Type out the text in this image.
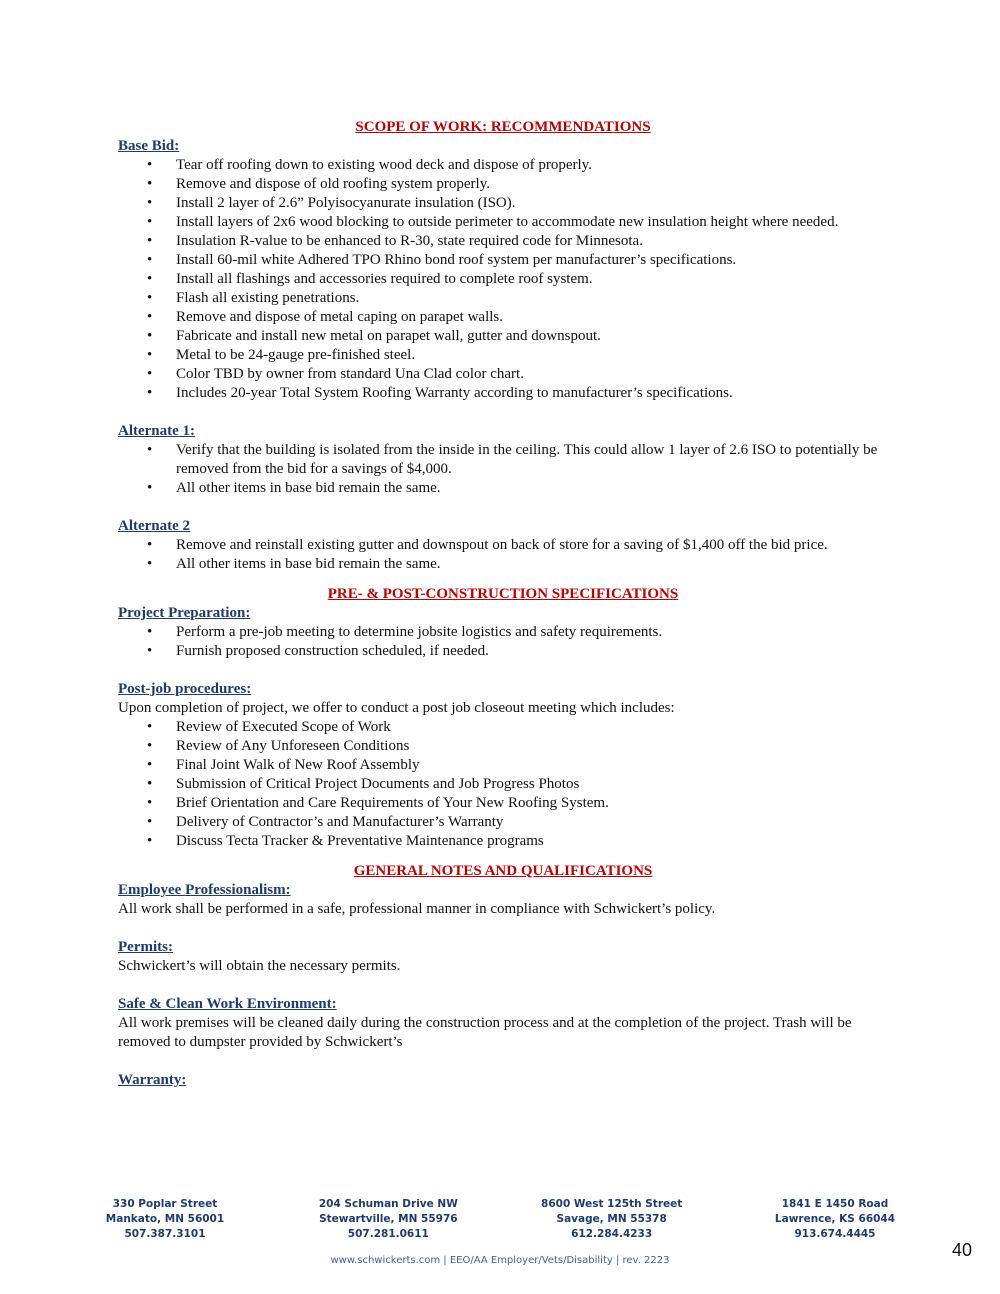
SCOPE OF WORK: RECOMMENDATIONS

Base Bid:

• Tear off roofing down to existing wood deck and dispose of properly.
• Remove and dispose of old roofing system properly.
• Install 2 layer of 2.6” Polyisocyanurate insulation (ISO).
• Install layers of 2x6 wood blocking to outside perimeter to accommodate new insulation height where needed.
• Insulation R-value to be enhanced to R-30, state required code for Minnesota.
• Install 60-mil white Adhered TPO Rhino bond roof system per manufacturer’s specifications.
• Install all flashings and accessories required to complete roof system.
• Flash all existing penetrations.
• Remove and dispose of metal caping on parapet walls.
• Fabricate and install new metal on parapet wall, gutter and downspout.
• Metal to be 24-gauge pre-finished steel.
• Color TBD by owner from standard Una Clad color chart.
• Includes 20-year Total System Roofing Warranty according to manufacturer’s specifications.

Alternate 1:

• Verify that the building is isolated from the inside in the ceiling. This could allow 1 layer of 2.6 ISO to potentially be removed from the bid for a savings of $4,000.
• All other items in base bid remain the same.

Alternate 2

• Remove and reinstall existing gutter and downspout on back of store for a saving of $1,400 off the bid price.
• All other items in base bid remain the same.

PRE- & POST-CONSTRUCTION SPECIFICATIONS

Project Preparation:

• Perform a pre-job meeting to determine jobsite logistics and safety requirements.
• Furnish proposed construction scheduled, if needed.

Post-job procedures:

Upon completion of project, we offer to conduct a post job closeout meeting which includes:

• Review of Executed Scope of Work
• Review of Any Unforeseen Conditions
• Final Joint Walk of New Roof Assembly
• Submission of Critical Project Documents and Job Progress Photos
• Brief Orientation and Care Requirements of Your New Roofing System.
• Delivery of Contractor’s and Manufacturer’s Warranty
• Discuss Tecta Tracker & Preventative Maintenance programs

GENERAL NOTES AND QUALIFICATIONS

Employee Professionalism:

All work shall be performed in a safe, professional manner in compliance with Schwickert’s policy.

Permits:

Schwickert’s will obtain the necessary permits.

Safe & Clean Work Environment:

All work premises will be cleaned daily during the construction process and at the completion of the project. Trash will be removed to dumpster provided by Schwickert’s

Warranty:

330 Poplar Street
Mankato, MN 56001
507.387.3101
204 Schuman Drive NW
Stewartville, MN 55976
507.281.0611
8600 West 125th Street
Savage, MN 55378
612.284.4233
1841 E 1450 Road
Lawrence, KS 66044
913.674.4445
www.schwickerts.com | EEO/AA Employer/Vets/Disability | rev. 2223
40
